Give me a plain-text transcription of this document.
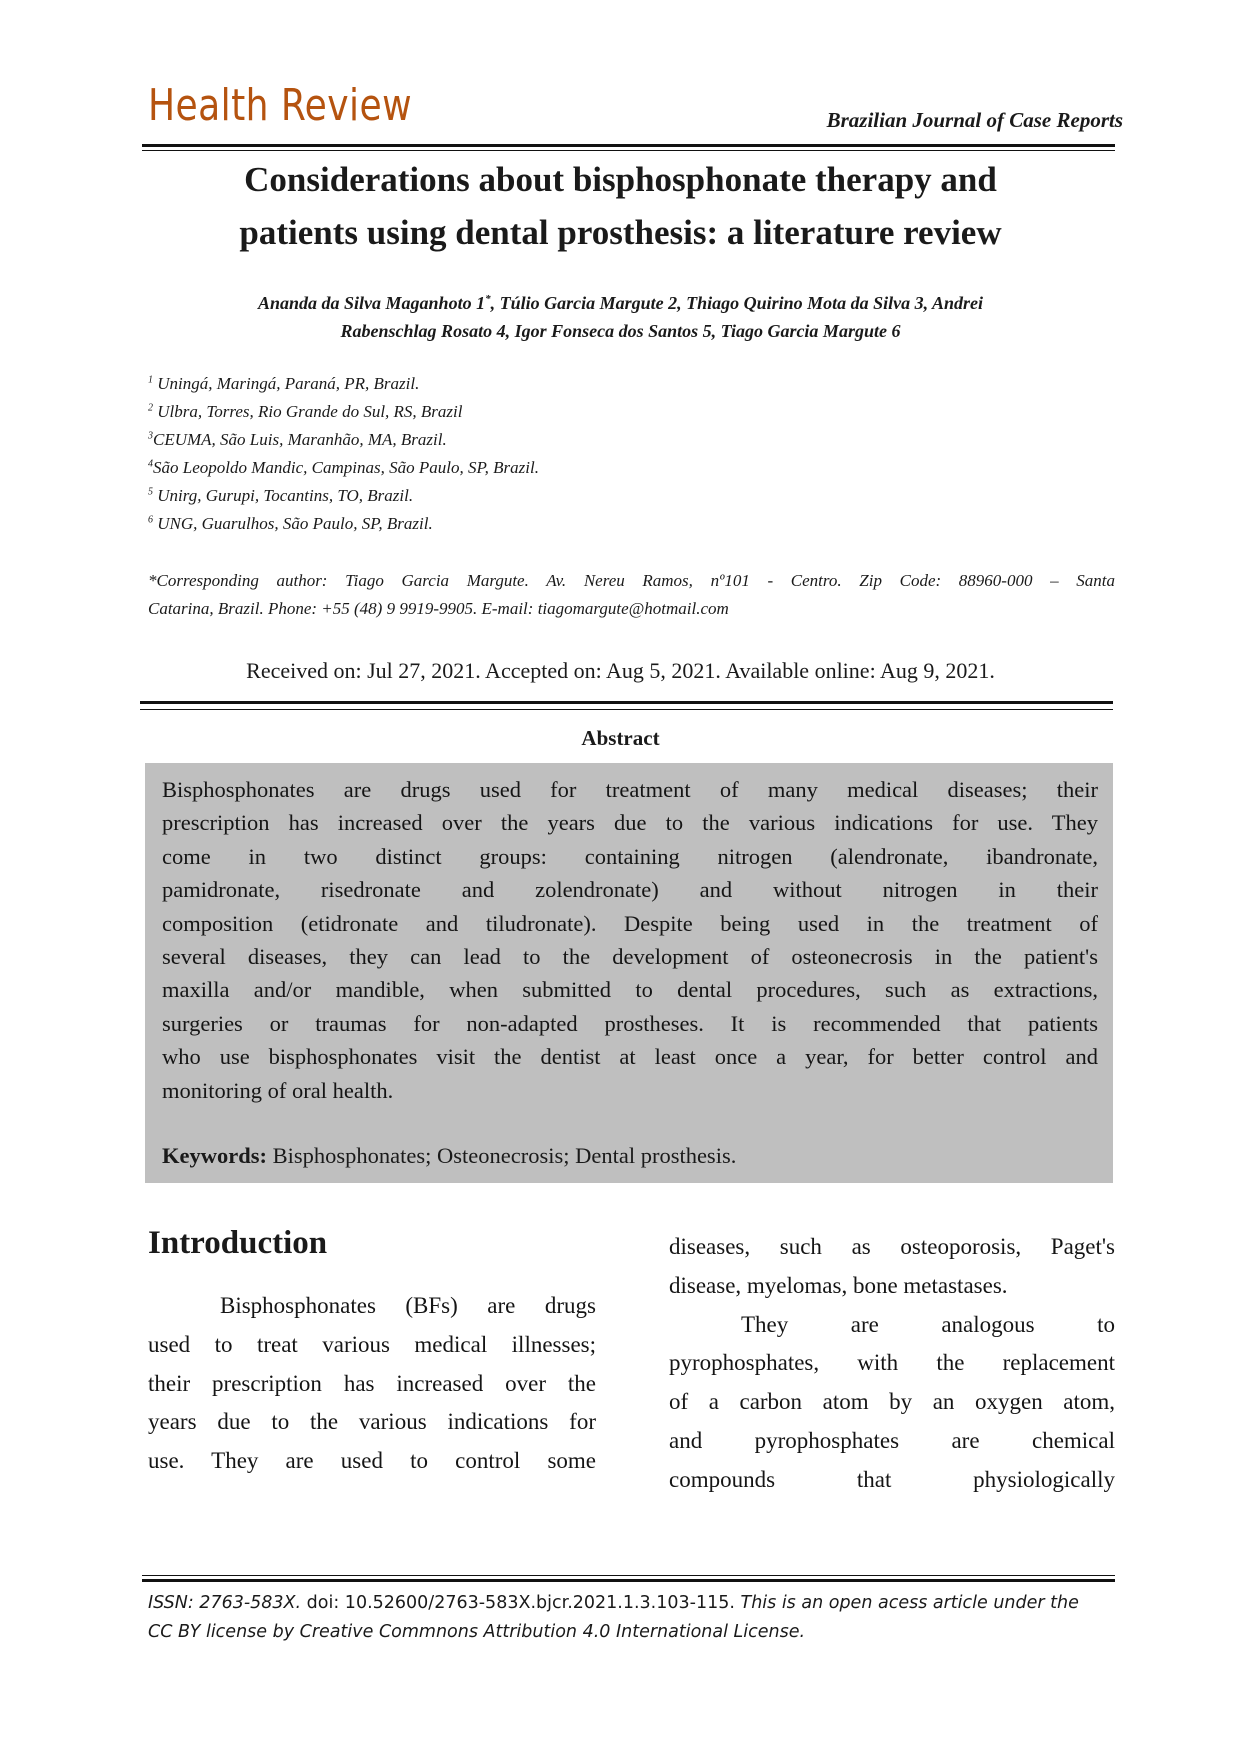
Health Review	Brazilian Journal of Case Reports
Considerations about bisphosphonate therapy and
patients using dental prosthesis: a literature review
Ananda da Silva Maganhoto 1*, Túlio Garcia Margute 2, Thiago Quirino Mota da Silva 3, Andrei
Rabenschlag Rosato 4, Igor Fonseca dos Santos 5, Tiago Garcia Margute 6
$^1$ Uningá, Maringá, Paraná, PR, Brazil.
$^2$ Ulbra, Torres, Rio Grande do Sul, RS, Brazil
$^3$CEUMA, São Luis, Maranhão, MA, Brazil.
$^4$São Leopoldo Mandic, Campinas, São Paulo, SP, Brazil.
$^5$ Unirg, Gurupi, Tocantins, TO, Brazil.
$^6$ UNG, Guarulhos, São Paulo, SP, Brazil.
*Corresponding author: Tiago Garcia Margute. Av. Nereu Ramos, nº101 - Centro. Zip Code: 88960-000 – Santa
Catarina, Brazil. Phone: +55 (48) 9 9919-9905. E-mail: tiagomargute@hotmail.com
Received on: Jul 27, 2021. Accepted on: Aug 5, 2021. Available online: Aug 9, 2021.
Abstract
Bisphosphonates are drugs used for treatment of many medical diseases; their
prescription has increased over the years due to the various indications for use. They
come in two distinct groups: containing nitrogen (alendronate, ibandronate,
pamidronate, risedronate and zolendronate) and without nitrogen in their
composition (etidronate and tiludronate). Despite being used in the treatment of
several diseases, they can lead to the development of osteonecrosis in the patient's
maxilla and/or mandible, when submitted to dental procedures, such as extractions,
surgeries or traumas for non-adapted prostheses. It is recommended that patients
who use bisphosphonates visit the dentist at least once a year, for better control and
monitoring of oral health.
Keywords: Bisphosphonates; Osteonecrosis; Dental prosthesis.
Introduction
Bisphosphonates (BFs) are drugs
used to treat various medical illnesses;
their prescription has increased over the
years due to the various indications for
use. They are used to control some
diseases, such as osteoporosis, Paget's
disease, myelomas, bone metastases.
They are analogous to
pyrophosphates, with the replacement
of a carbon atom by an oxygen atom,
and pyrophosphates are chemical
compounds that physiologically
ISSN: 2763-583X. doi: 10.52600/2763-583X.bjcr.2021.1.3.103-115. This is an open acess article under the
CC BY license by Creative Commnons Attribution 4.0 International License.
